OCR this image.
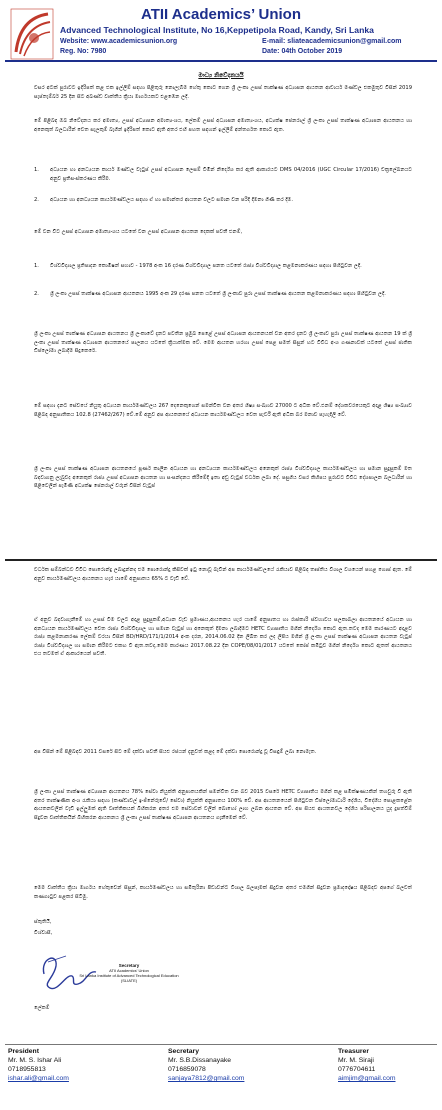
ATII Academics’ Union
Advanced Technological Institute, No 16,Keppetipola Road, Kandy, Sri Lanka
Website: www.academicsunion.org	E-mail: sliateacademicsunion@gmail.com
Reg. No: 7980	Date: 04th October 2019
මාධ්‍ය නිවේදනයයි
වසර අටක් පුරාවට ඉදිරිපත් කළ එක ඉල්ලීම් සඳහා පිළිතුරු නොලැබීම හේතු කොට ගෙන ශ්‍රී ලංකා උසස් තාක්ෂණ අධ්‍යාපන ආයතන ආචාර්ය මණ්ඩල එකමුතුව විසින් 2019 සැප්තැම්බර් 25 දින සිට අඛණ්ඩ වෘත්තීය ක්‍රියා මාර්ගයකට එළඹෙන ලදී.
මේ පිළිබඳ ඔබ නිවේදනය කර අමාත්‍ය, උසස් අධ්‍යාපන අමාත්‍යංශය, ලේකම් උසස් අධ්‍යාපන අමාත්‍යංශය, අධ්‍යක්ෂ ජෙනරාල් ශ්‍රී ලංකා උසස් තාක්ෂණ අධ්‍යාපන ආයතනය හා අනෙකුත් බලධාරීන් වෙත සැලකුම් බැගින් ඉදිරිපත් කොට ඇති අතර එහි පහත සඳහන් ඉල්ලීම් අන්තර්ගත කොට ඇත.
1.	අධ්‍යයන හා අනධ්‍යයන කාර්ය මණ්ඩල වැටුප් උසස් අධ්‍යාපන ලෙසම් වීමින් නිර්දේශ කර ඇති ආකාරයට DMS 04/2016 (UGC Circular 17/2016) චක්‍රලේඛනයට අනුව ප්‍රතිසංස්කරණය කිරීම.
2.	අධ්‍යයන හා අනධ්‍යයන කාර්යමණ්ඩලය සඳහා ඒ හා සමාන්තර ආයතන වලට සමාන වන පරිදි දීමනා ගිණී කර දීම.
මේ වන විට උසස් අධ්‍යාපන අමාත්‍යංශය යටතේ වන උසස් අධ්‍යාපන ආයතන දෙකක් පවතී එනම්,
1.	විශ්වවිද්‍යාල ප්‍රතිපාදන කොමිෂන් සභාව - 1978 අංක 16 දරණ විශ්වවිද්‍යාල පනත යටතේ රාජ්‍ය විශ්වවිද්‍යාල කළමනාකරණය සඳහා පිහිටුවන ලදී.
2.	ශ්‍රී ලංකා උසස් තාක්ෂණ අධ්‍යාපන ආයතනය 1995 අංක 29 දරණ පනත යටතේ ශ්‍රී ලංකාව පුරා උසස් තාක්ෂණ ආයතන කළමනාකරණය සඳහා පිහිටුවන ලදී.
ශ්‍රී ලංකා උසස් තාක්ෂණ අධ්‍යාපන ආයතනය ශ්‍රී ලංකාවේ දැනට පවතින ප්‍රමුඛ පෙළේ උසස් අධ්‍යාපන ආයතනයක් වන අතර දැනට ශ්‍රී ලංකාව පුරා උසස් තාක්ෂණ ආයතන 19 ක් ශ්‍රී ලංකා උසස් තාක්ෂණ අධ්‍යාපන ආයතනයේ පාලනය යටතේ ක්‍රියාත්මක වේ. මෙම ආයතන හරහා උසස් පෙළ සමත් සිසුන් හට විවිධ අංශ ගණනාවක් යටතේ උසස් ජාතික ඩිප්ලෝමා ලබාදීම සිදුකෙරේ.
මේ සඳහා දැනට සේවයේ නියුතු අධ්‍යයන කාර්යමණ්ඩලය 267 දෙනෙකුගෙන් සමන්විත වන අතර ශිෂ්‍ය සංඛ්‍යාව 27000 ට අධික වේ.එනම් දේශකවරයෙකුට අදාළ ශිෂ්‍ය සංඛ්‍යාව පිළිබඳ අනුපාතිකය 102.8 (27462/267) වේ.මේ අනුව අප ආයතනයේ අධ්‍යයන කාර්යමණ්ඩලය වෙත පැවරී ඇති අධික බර මනාව පැහැදිලි වේ.
ශ්‍රී ලංකා උසස් තාක්ෂණ අධ්‍යාපන ආයතනයේ පූර්ණ කාලීන අධ්‍යයන හා අනධ්‍යයන කාර්යමණ්ඩලය අනෙකුත් රාජ්‍ය විශ්වවිද්‍යාල කාර්යමණ්ඩලය හා සමාන සුදුසුකම් මත බඳවාගනු ලැබුවද අනෙකුත් රාජ්‍ය උසස් අධ්‍යාපන ආයතන හා සංසන්දනය කිරීමේදී ඉතා අඩු වැටුප් වර්ධක ලබා දේ. පසුගිය වසර කිහිපය පුරාවට විවිධ දේශපාලන බලධාරීන් හා පිළිවෙලින් පැමිණි අධ්‍යක්ෂ ජෙනරාල් වරුන් විසින් වැටුප්
වර්ධක සම්බන්ධව විවිධ පොරොන්දු ලබාදුන්නද එම පොරොන්දු කිසිවක් ඉටු නොවූ බැවින් අප කාර්යමණ්ඩලයේ රැකියාව පිළිබඳ තෘප්තිය විශාල වශයෙන් පහළ ගොස් ඇත. මේ අනුව කාර්යමණ්ඩලය ආයතනය හැර යාමේ අනුපාතය 65% ට වැඩි වේ.
ඒ අනුව බඳවාගැනීමේ හා උසස් වීම වලට අදාළ සුදුසුකම්,අධ්‍යන වැඩ ප්‍රමාණය,ආයතනය හැර යාමේ අනුපාතය හා රාජකාරි ස්වභාවය සලකාබලා ආයතනයේ අධ්‍යයන හා අනධ්‍යයන කාර්යමණ්ඩලය වෙත රාජ්‍ය විශ්වවිද්‍යාල හා සමාන වැටුප් හා අනෙකුත් දීමනා ලබාදීමට HETC ව්‍යාපෘතිය මගින් නිර්දේශ කොට ඇත.තවද මෙම කාරණයට අදාළව රාජ්‍ය කළමනාකරණ ලේකම් වරයා විසින් BD/HRD/171/1/2014 අංක දරන, 2014.06.02 දින ලිඛිත කර ලද ලිපිය මගින් ශ්‍රී ලංකා උසස් තාක්ෂණ අධ්‍යාපන ආයතන වැටුප් රාජ්‍ය විශ්වවිද්‍යාල හා සමාන කිරීමට එකඟ වී ඇත.තවද,මෙම කාරණය 2017.08.22 දින COPE/08/01/2017 යටතේ කෝප් කමිටුව මගින් නිර්දේශ කොට ඇතත් ආයතනය එය තවමත් ඒ ආකාරයෙන් පවතී.
අප විසින් මේ පිළිබඳව 2011 වසරේ සිට මේ දක්වා පවතී සියළු රජයන් දැනුවත් කළද මේ දක්වා පොරොන්දු වූ විසඳුම් ලබා නොමැත.
ශ්‍රී ලංකා උසස් තාක්ෂණ අධ්‍යාපන ආයතනය 78% සේවා නියුක්ති අනුපාතයකින් සමන්විත වන බව 2015 වසරේ HETC ව්‍යාපෘතිය මගින් කළ සමීක්ෂණයකින් තහවුරු වී ඇති අතර තාක්ෂණික අංශ රැකියා සඳහා (කණ්ඩාවල් ඉංජිනේරුවේ/ සේවා) නියුක්ති අනුපාතය 100% වේ. අප ආයතනයෙන් පිහිටුවන ඩිප්ලෝමාධාරි දේශීය, විදේශීය පොළකළේන ආයතනවලින් වැඩි ඉල්ලුමක් ඇති වෘත්තිකයන් බිහිකරන අතර එම සේවාවන් වලින් බොහෝ ලාභ ලබන ආයතන වේ. අප සියළු ආයතනවල දේශීය පරිපාලනය යුද දුපත්වීම් සිදුවන වෘත්තිකයින් බිහිකරන ආයතනය ශ්‍රී ලංකා උසස් තාක්ෂණ අධ්‍යාපන ආයතනය ගැනීමෙන් වේ.
මෙම වෘත්තීය ක්‍රියා මාර්ගය හේතුවෙන් සිසුන්, කාර්යමණ්ඩලය හා සමිතුරිනා පීඩාවන්ට විශාල බලපෑමක් සිදුවන අතර එමගින් සිදුවන ප්‍රමාදදෝෂය පිළිබඳව අපගේ බලවත් කණගාටුව පළකර සිටිමු.
ස්තුතියි,
විශ්වාසී,
Secretary
ATII Academics' Union
Sri Lanka Institute of Advanced Technological Education (SLIATE)
ලේකම්
President
Mr. M. S. Ishar Ali
0718955813
ishar.ali@gmail.com
Secretary
Mr. S.B.Dissanayake
0716859078
sanjaya7812@gmail.com
Treasurer
Mr. M. Siraji
0776704611
aimjim@gmail.com
